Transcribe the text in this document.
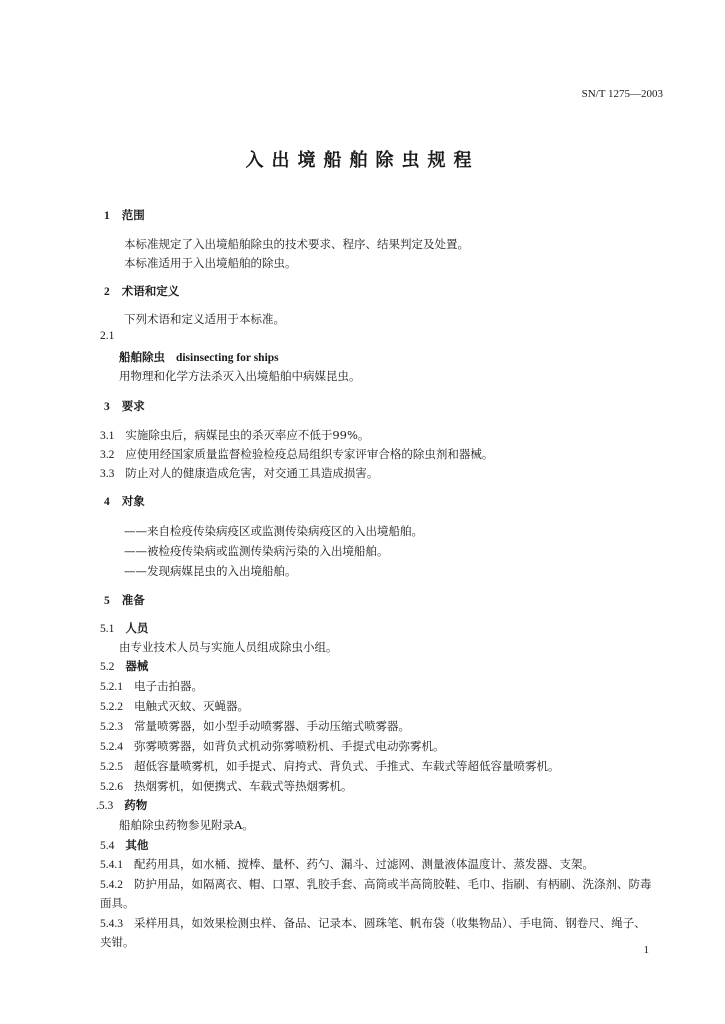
SN/T 1275—2003
入出境船舶除虫规程
1 范围
本标准规定了入出境船舶除虫的技术要求、程序、结果判定及处置。
本标准适用于入出境船舶的除虫。
2 术语和定义
下列术语和定义适用于本标准。
2.1
船舶除虫 disinsecting for ships
用物理和化学方法杀灭入出境船舶中病媒昆虫。
3 要求
3.1 实施除虫后，病媒昆虫的杀灭率应不低于99%。
3.2 应使用经国家质量监督检验检疫总局组织专家评审合格的除虫剂和器械。
3.3 防止对人的健康造成危害，对交通工具造成损害。
4 对象
——来自检疫传染病疫区或监测传染病疫区的入出境船舶。
——被检疫传染病或监测传染病污染的入出境船舶。
——发现病媒昆虫的入出境船舶。
5 准备
5.1 人员
由专业技术人员与实施人员组成除虫小组。
5.2 器械
5.2.1 电子击拍器。
5.2.2 电触式灭蚊、灭蝇器。
5.2.3 常量喷雾器，如小型手动喷雾器、手动压缩式喷雾器。
5.2.4 弥雾喷雾器，如背负式机动弥雾喷粉机、手提式电动弥雾机。
5.2.5 超低容量喷雾机，如手提式、肩挎式、背负式、手推式、车载式等超低容量喷雾机。
5.2.6 热烟雾机，如便携式、车载式等热烟雾机。
.5.3 药物
船舶除虫药物参见附录A。
5.4 其他
5.4.1 配药用具，如水桶、搅棒、量杯、药勺、漏斗、过滤网、测量液体温度计、蒸发器、支架。
5.4.2 防护用品，如隔离衣、帽、口罩、乳胶手套、高筒或半高筒胶鞋、毛巾、指刷、有柄刷、洗涤剂、防毒
面具。
5.4.3 采样用具，如效果检测虫样、备品、记录本、圆珠笔、帆布袋（收集物品）、手电筒、钢卷尺、绳子、
夹钳。
1
